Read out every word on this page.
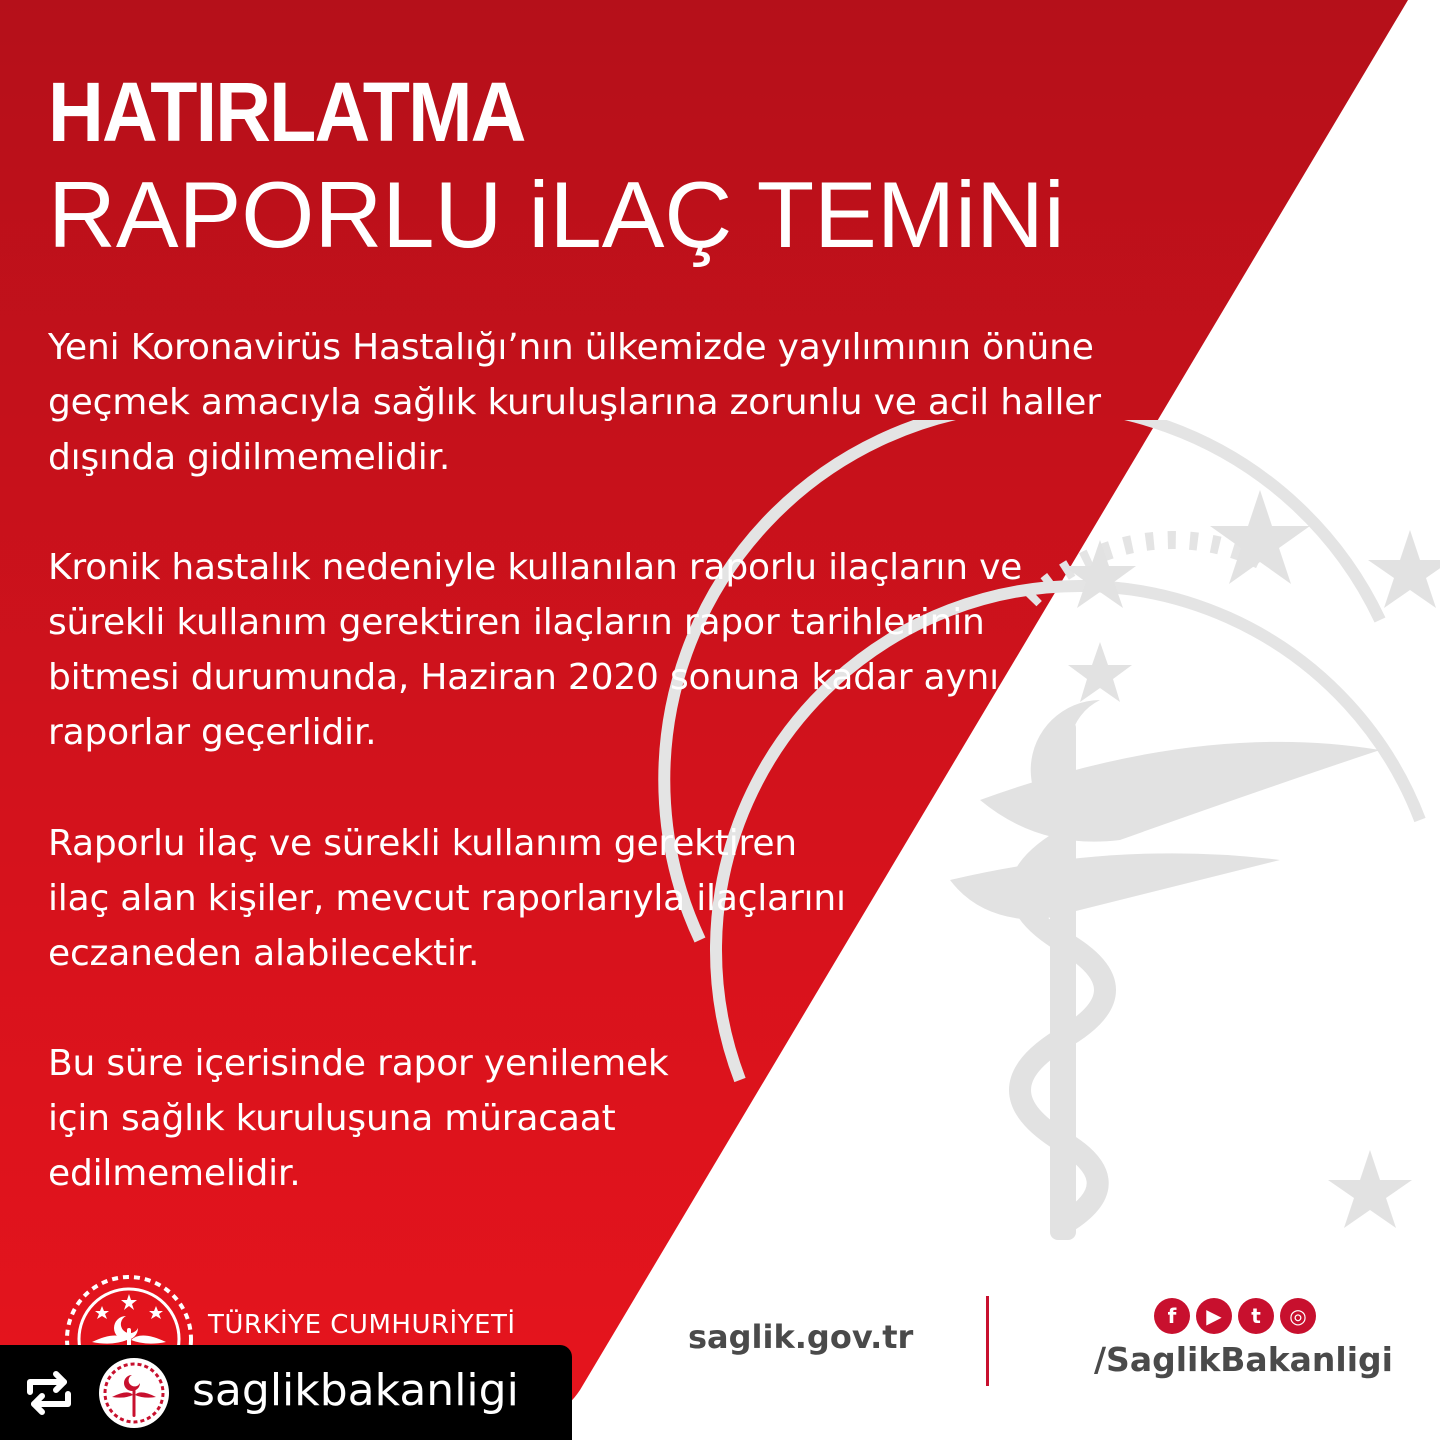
HATIRLATMA
RAPORLU iLAÇ TEMiNi

Yeni Koronavirüs Hastalığı’nın ülkemizde yayılımının önüne geçmek amacıyla sağlık kuruluşlarına zorunlu ve acil haller dışında gidilmemelidir.

Kronik hastalık nedeniyle kullanılan raporlu ilaçların ve sürekli kullanım gerektiren ilaçların rapor tarihlerinin bitmesi durumunda, Haziran 2020 sonuna kadar aynı raporlar geçerlidir.

Raporlu ilaç ve sürekli kullanım gerektiren ilaç alan kişiler, mevcut raporlarıyla ilaçlarını eczaneden alabilecektir.

Bu süre içerisinde rapor yenilemek için sağlık kuruluşuna müracaat edilmemelidir.

TÜRKİYE CUMHURİYETİ	saglik.gov.tr
f	▶	t	◎
/SaglikBakanligi
saglikbakanligi
